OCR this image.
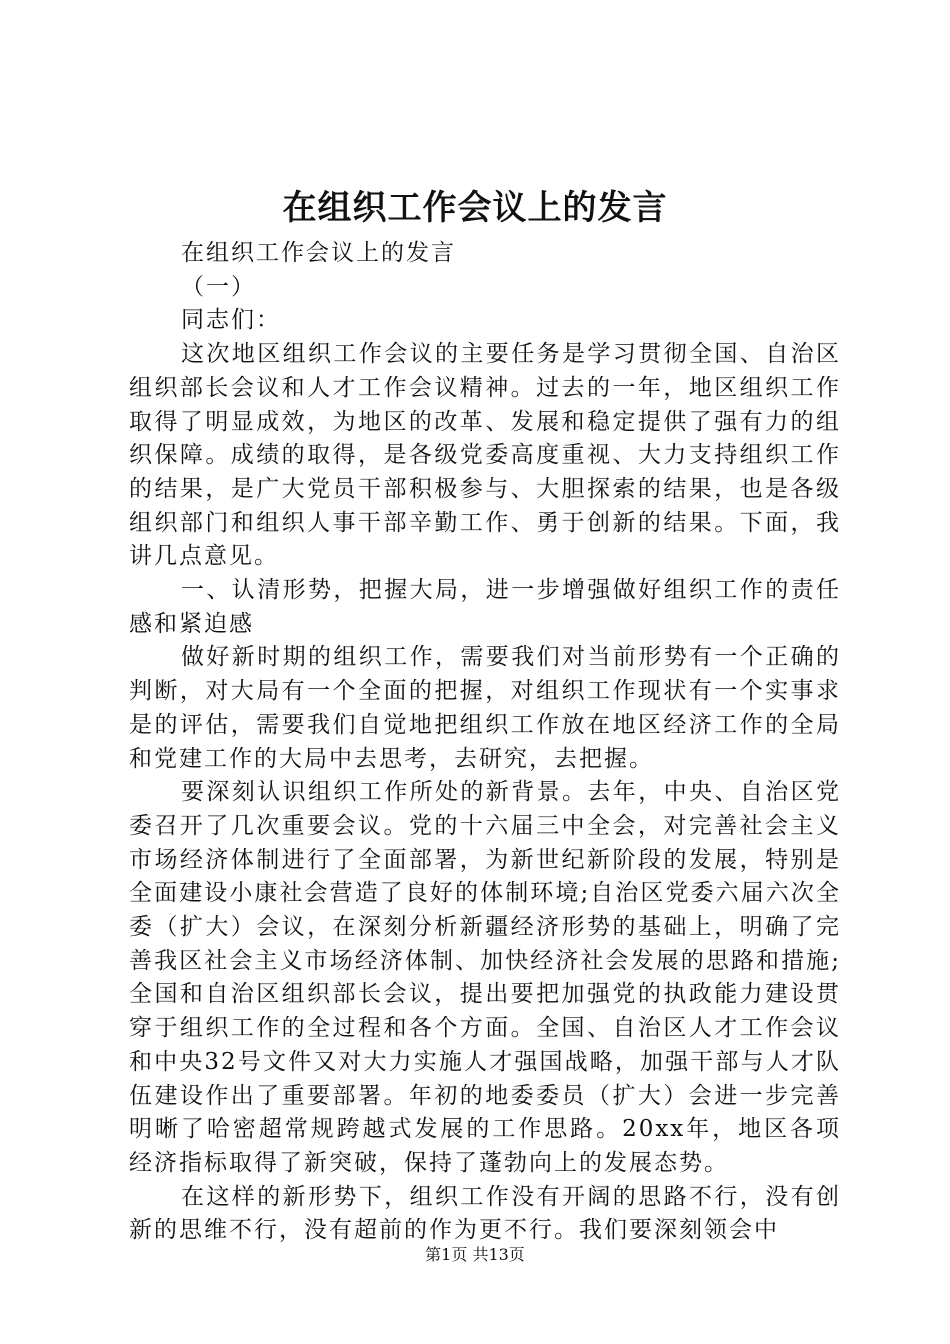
在组织工作会议上的发言

在组织工作会议上的发言

（一）

同志们：

这次地区组织工作会议的主要任务是学习贯彻全国、自治区组织部长会议和人才工作会议精神。过去的一年，地区组织工作取得了明显成效，为地区的改革、发展和稳定提供了强有力的组织保障。成绩的取得，是各级党委高度重视、大力支持组织工作的结果，是广大党员干部积极参与、大胆探索的结果，也是各级组织部门和组织人事干部辛勤工作、勇于创新的结果。下面，我讲几点意见。

一、认清形势，把握大局，进一步增强做好组织工作的责任感和紧迫感

做好新时期的组织工作，需要我们对当前形势有一个正确的判断，对大局有一个全面的把握，对组织工作现状有一个实事求是的评估，需要我们自觉地把组织工作放在地区经济工作的全局和党建工作的大局中去思考，去研究，去把握。

要深刻认识组织工作所处的新背景。去年，中央、自治区党委召开了几次重要会议。党的十六届三中全会，对完善社会主义市场经济体制进行了全面部署，为新世纪新阶段的发展，特别是全面建设小康社会营造了良好的体制环境;自治区党委六届六次全委（扩大）会议，在深刻分析新疆经济形势的基础上，明确了完善我区社会主义市场经济体制、加快经济社会发展的思路和措施;全国和自治区组织部长会议，提出要把加强党的执政能力建设贯穿于组织工作的全过程和各个方面。全国、自治区人才工作会议和中央32号文件又对大力实施人才强国战略，加强干部与人才队伍建设作出了重要部署。年初的地委委员（扩大）会进一步完善明晰了哈密超常规跨越式发展的工作思路。20xx年，地区各项经济指标取得了新突破，保持了蓬勃向上的发展态势。

在这样的新形势下，组织工作没有开阔的思路不行，没有创新的思维不行，没有超前的作为更不行。我们要深刻领会中

第1页 共13页
